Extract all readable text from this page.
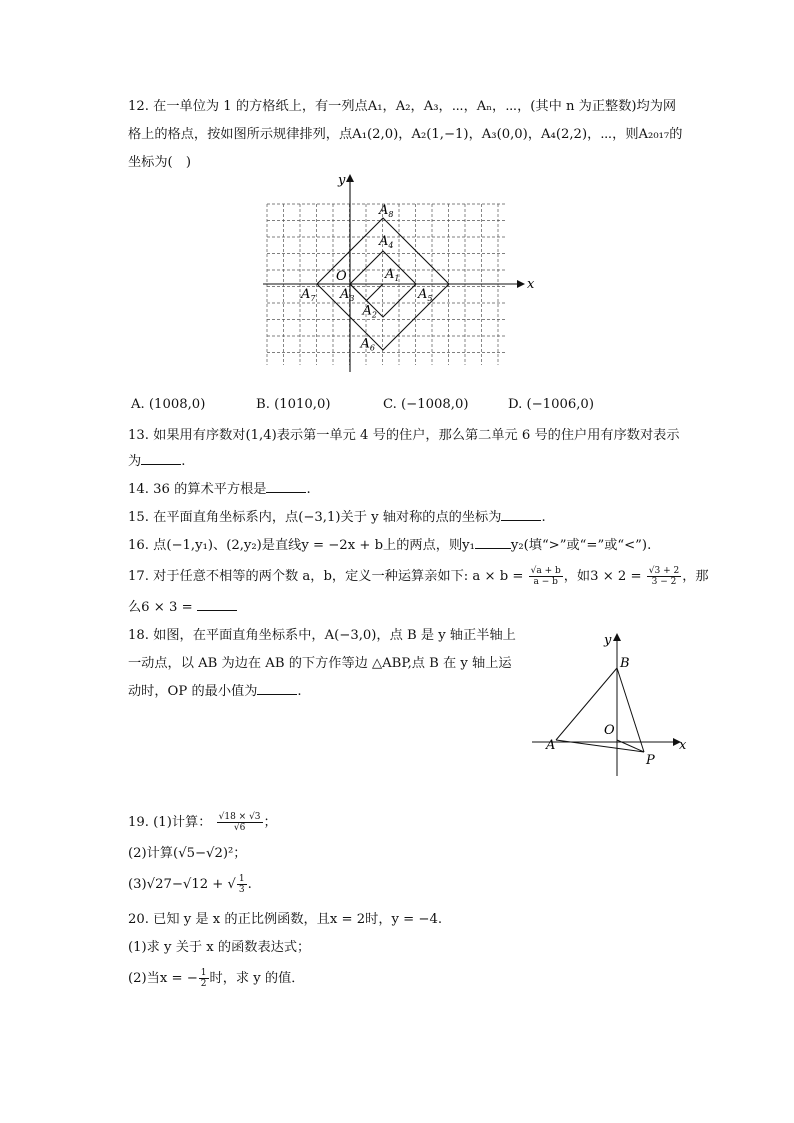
12. 在一单位为 1 的方格纸上，有一列点A₁，A₂，A₃，⋯，Aₙ，⋯，(其中 n 为正整数)均为网
格上的格点，按如图所示规律排列，点A₁(2,0)，A₂(1,−1)，A₃(0,0)，A₄(2,2)，⋯，则A₂₀₁₇的
坐标为(　)
$A_1$
$A_2$
$A_3$
$A_4$
$A_5$
$A_6$
$A_7$
$A_8$
O
x
y
A. (1008,0)	B. (1010,0)	C. (−1008,0)	D. (−1006,0)
13. 如果用有序数对(1,4)表示第一单元 4 号的住户，那么第二单元 6 号的住户用有序数对表示
为	.
14. 36 的算术平方根是	.
15. 在平面直角坐标系内，点(−3,1)关于 y 轴对称的点的坐标为	.
16. 点(−1,y₁)、(2,y₂)是直线y = −2x + b上的两点，则y₁	y₂(填“>”或“=”或“<”).
17. 对于任意不相等的两个数 a，b，定义一种运算亲如下: $a \times b = \frac{√a + b}{a - b}$ ，如$3 \times 2 = \frac{√3 + 2}{3 - 2}$ ，那
么6 × 3 =
18. 如图，在平面直角坐标系中，A(−3,0)，点 B 是 y 轴正半轴上
一动点，以 AB 为边在 AB 的下方作等边 △ABP,点 B 在 y 轴上运
动时，OP 的最小值为	.
y
B
O
A
P
x
19. (1)计算： $\frac{√18 \times √3}{√6}$ ；
(2)计算(√5−√2)²；
(3)√27−√12 + √ $\frac{1}{3}$ .
20. 已知 y 是 x 的正比例函数，且x = 2时，y = −4.
(1)求 y 关于 x 的函数表达式；
(2)当x = − $\frac{1}{2}$ 时，求 y 的值．
